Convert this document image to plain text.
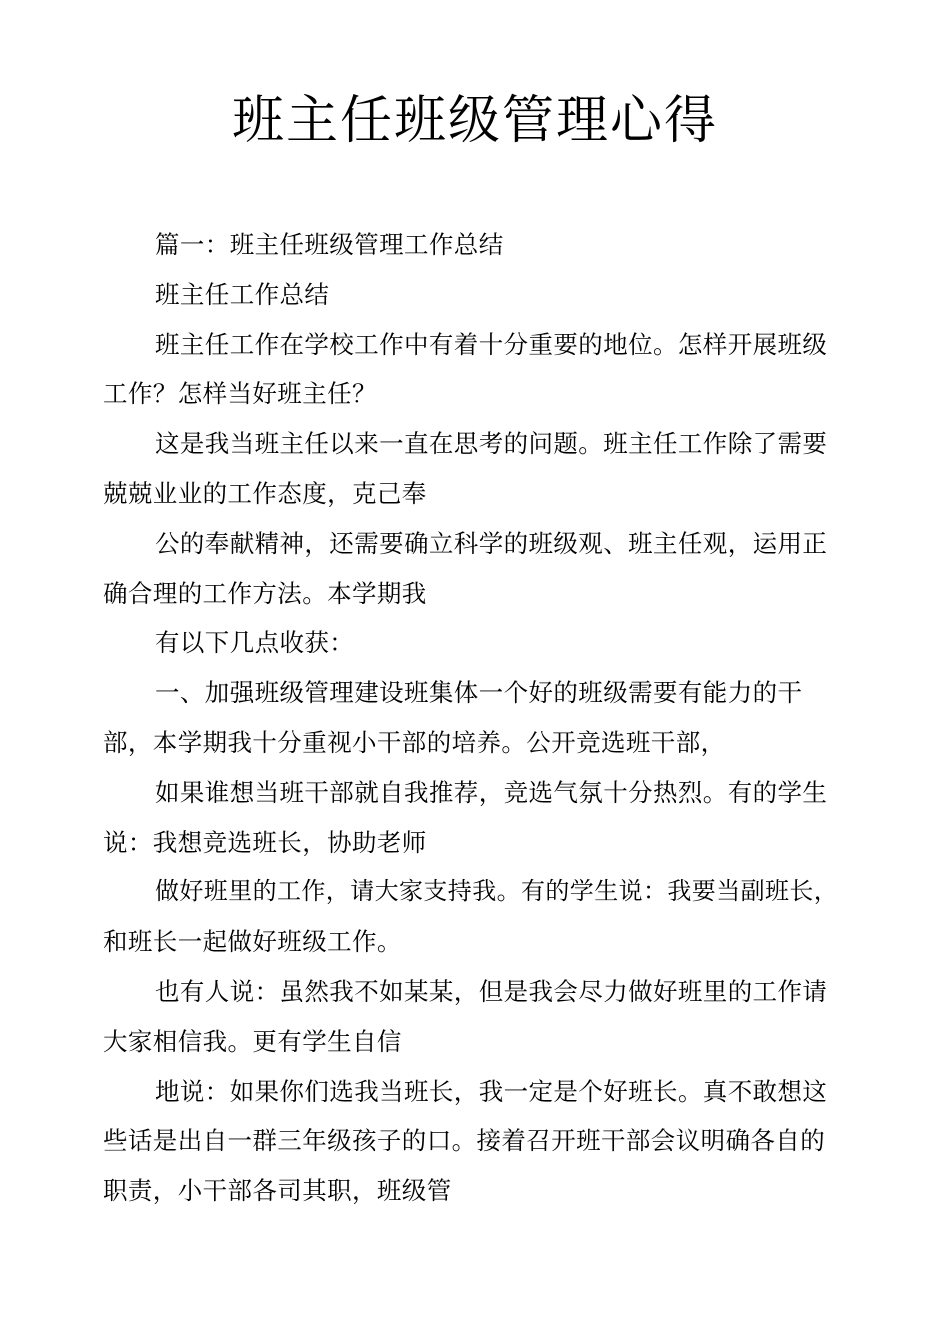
班主任班级管理心得
篇一：班主任班级管理工作总结
班主任工作总结
班主任工作在学校工作中有着十分重要的地位。怎样开展班级
工作？怎样当好班主任？
这是我当班主任以来一直在思考的问题。班主任工作除了需要
兢兢业业的工作态度，克己奉
公的奉献精神，还需要确立科学的班级观、班主任观，运用正
确合理的工作方法。本学期我
有以下几点收获：
一、加强班级管理建设班集体一个好的班级需要有能力的干
部，本学期我十分重视小干部的培养。公开竞选班干部，
如果谁想当班干部就自我推荐，竞选气氛十分热烈。有的学生
说：我想竞选班长，协助老师
做好班里的工作，请大家支持我。有的学生说：我要当副班长，
和班长一起做好班级工作。
也有人说：虽然我不如某某，但是我会尽力做好班里的工作请
大家相信我。更有学生自信
地说：如果你们选我当班长，我一定是个好班长。真不敢想这
些话是出自一群三年级孩子的口。接着召开班干部会议明确各自的
职责，小干部各司其职，班级管
